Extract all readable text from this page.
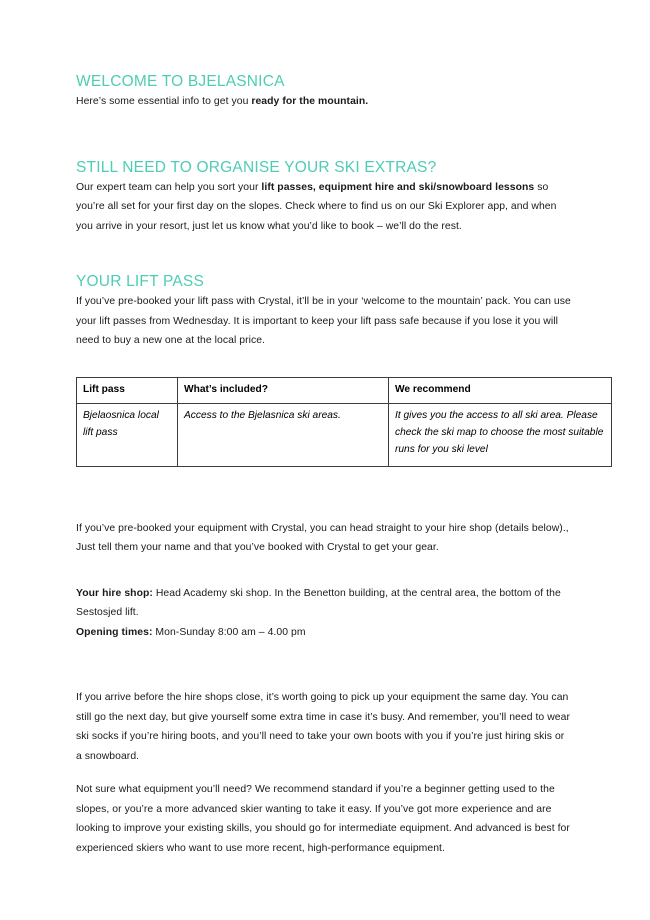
WELCOME TO BJELASNICA

Here’s some essential info to get you ready for the mountain.

STILL NEED TO ORGANISE YOUR SKI EXTRAS?

Our expert team can help you sort your lift passes, equipment hire and ski/snowboard lessons so you’re all set for your first day on the slopes. Check where to find us on our Ski Explorer app, and when you arrive in your resort, just let us know what you’d like to book – we’ll do the rest.

YOUR LIFT PASS

If you’ve pre-booked your lift pass with Crystal, it’ll be in your ‘welcome to the mountain’ pack. You can use your lift passes from Wednesday. It is important to keep your lift pass safe because if you lose it you will need to buy a new one at the local price.

Lift pass	What’s included?	We recommend
Bjelaosnica local lift pass	Access to the Bjelasnica ski areas.	It gives you the access to all ski area. Please check the ski map to choose the most suitable runs for you ski level

If you’ve pre-booked your equipment with Crystal, you can head straight to your hire shop (details below)., Just tell them your name and that you’ve booked with Crystal to get your gear.

Your hire shop: Head Academy ski shop. In the Benetton building, at the central area, the bottom of the Sestosjed lift.

Opening times: Mon-Sunday 8:00 am – 4.00 pm

If you arrive before the hire shops close, it’s worth going to pick up your equipment the same day. You can still go the next day, but give yourself some extra time in case it’s busy. And remember, you’ll need to wear ski socks if you’re hiring boots, and you’ll need to take your own boots with you if you’re just hiring skis or a snowboard.

Not sure what equipment you’ll need? We recommend standard if you’re a beginner getting used to the slopes, or you’re a more advanced skier wanting to take it easy. If you’ve got more experience and are looking to improve your existing skills, you should go for intermediate equipment. And advanced is best for experienced skiers who want to use more recent, high-performance equipment.
